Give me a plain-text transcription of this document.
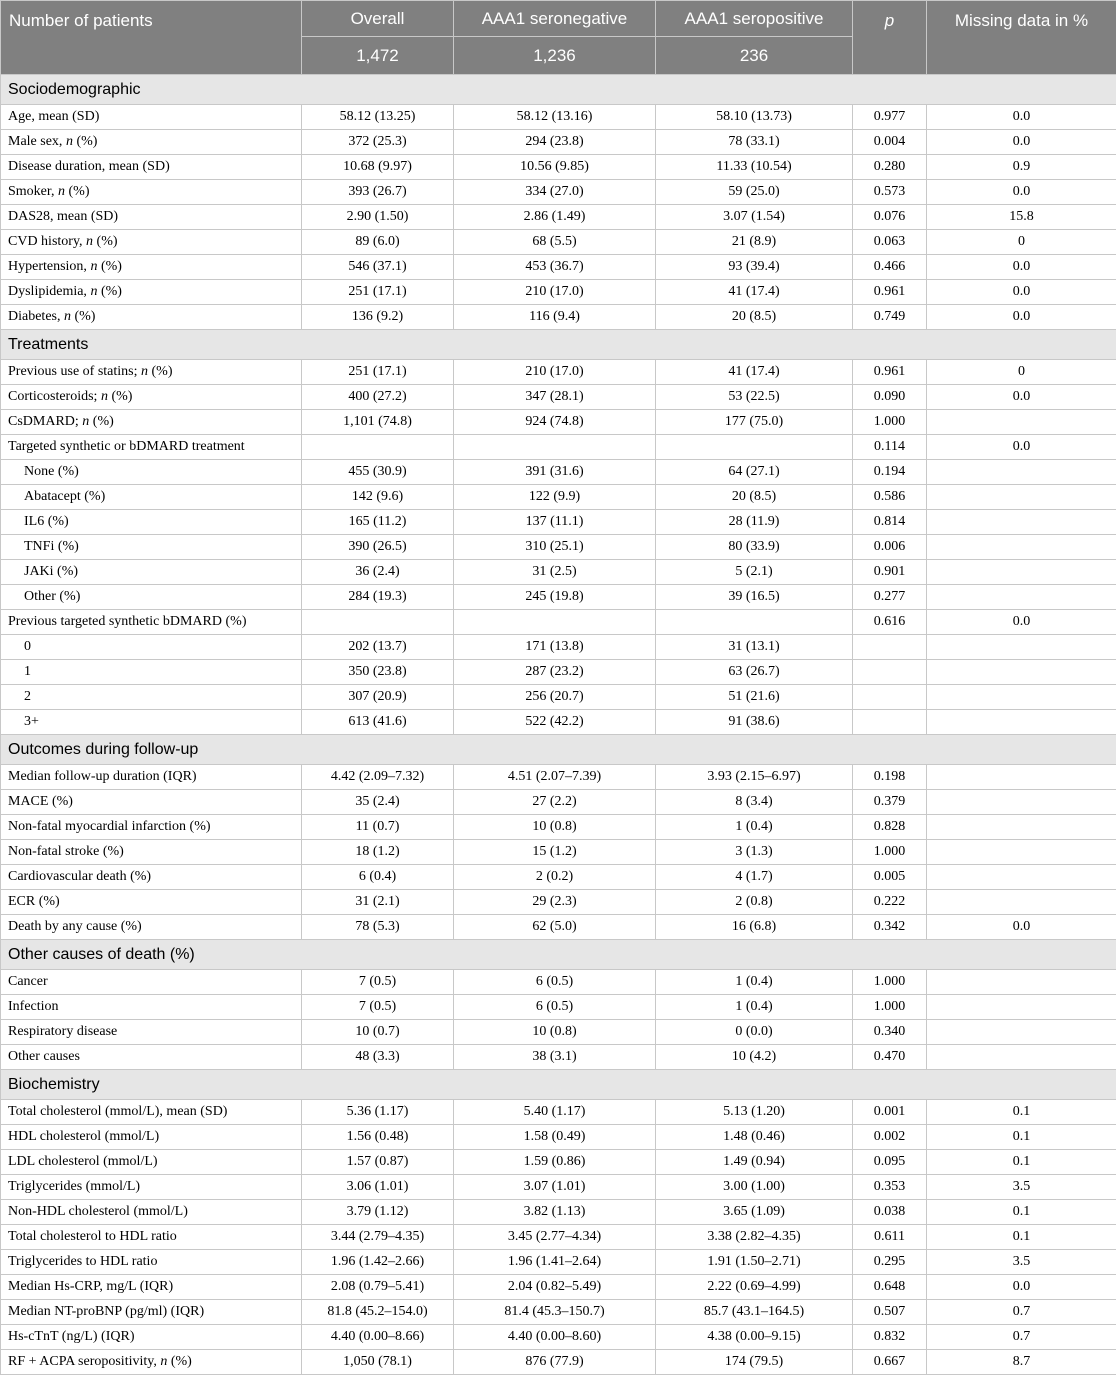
Number of patients	Overall	AAA1 seronegative	AAA1 seropositive	p	Missing data in %
	1,472	1,236	236		
Sociodemographic					
Age, mean (SD)	58.12 (13.25)	58.12 (13.16)	58.10 (13.73)	0.977	0.0
Male sex, n (%)	372 (25.3)	294 (23.8)	78 (33.1)	0.004	0.0
Disease duration, mean (SD)	10.68 (9.97)	10.56 (9.85)	11.33 (10.54)	0.280	0.9
Smoker, n (%)	393 (26.7)	334 (27.0)	59 (25.0)	0.573	0.0
DAS28, mean (SD)	2.90 (1.50)	2.86 (1.49)	3.07 (1.54)	0.076	15.8
CVD history, n (%)	89 (6.0)	68 (5.5)	21 (8.9)	0.063	0
Hypertension, n (%)	546 (37.1)	453 (36.7)	93 (39.4)	0.466	0.0
Dyslipidemia, n (%)	251 (17.1)	210 (17.0)	41 (17.4)	0.961	0.0
Diabetes, n (%)	136 (9.2)	116 (9.4)	20 (8.5)	0.749	0.0
Treatments					
Previous use of statins; n (%)	251 (17.1)	210 (17.0)	41 (17.4)	0.961	0
Corticosteroids; n (%)	400 (27.2)	347 (28.1)	53 (22.5)	0.090	0.0
CsDMARD; n (%)	1,101 (74.8)	924 (74.8)	177 (75.0)	1.000	
Targeted synthetic or bDMARD treatment				0.114	0.0
None (%)	455 (30.9)	391 (31.6)	64 (27.1)	0.194	
Abatacept (%)	142 (9.6)	122 (9.9)	20 (8.5)	0.586	
IL6 (%)	165 (11.2)	137 (11.1)	28 (11.9)	0.814	
TNFi (%)	390 (26.5)	310 (25.1)	80 (33.9)	0.006	
JAKi (%)	36 (2.4)	31 (2.5)	5 (2.1)	0.901	
Other (%)	284 (19.3)	245 (19.8)	39 (16.5)	0.277	
Previous targeted synthetic bDMARD (%)				0.616	0.0
0	202 (13.7)	171 (13.8)	31 (13.1)		
1	350 (23.8)	287 (23.2)	63 (26.7)		
2	307 (20.9)	256 (20.7)	51 (21.6)		
3+	613 (41.6)	522 (42.2)	91 (38.6)		
Outcomes during follow-up					
Median follow-up duration (IQR)	4.42 (2.09–7.32)	4.51 (2.07–7.39)	3.93 (2.15–6.97)	0.198	
MACE (%)	35 (2.4)	27 (2.2)	8 (3.4)	0.379	
Non-fatal myocardial infarction (%)	11 (0.7)	10 (0.8)	1 (0.4)	0.828	
Non-fatal stroke (%)	18 (1.2)	15 (1.2)	3 (1.3)	1.000	
Cardiovascular death (%)	6 (0.4)	2 (0.2)	4 (1.7)	0.005	
ECR (%)	31 (2.1)	29 (2.3)	2 (0.8)	0.222	
Death by any cause (%)	78 (5.3)	62 (5.0)	16 (6.8)	0.342	0.0
Other causes of death (%)					
Cancer	7 (0.5)	6 (0.5)	1 (0.4)	1.000	
Infection	7 (0.5)	6 (0.5)	1 (0.4)	1.000	
Respiratory disease	10 (0.7)	10 (0.8)	0 (0.0)	0.340	
Other causes	48 (3.3)	38 (3.1)	10 (4.2)	0.470	
Biochemistry					
Total cholesterol (mmol/L), mean (SD)	5.36 (1.17)	5.40 (1.17)	5.13 (1.20)	0.001	0.1
HDL cholesterol (mmol/L)	1.56 (0.48)	1.58 (0.49)	1.48 (0.46)	0.002	0.1
LDL cholesterol (mmol/L)	1.57 (0.87)	1.59 (0.86)	1.49 (0.94)	0.095	0.1
Triglycerides (mmol/L)	3.06 (1.01)	3.07 (1.01)	3.00 (1.00)	0.353	3.5
Non-HDL cholesterol (mmol/L)	3.79 (1.12)	3.82 (1.13)	3.65 (1.09)	0.038	0.1
Total cholesterol to HDL ratio	3.44 (2.79–4.35)	3.45 (2.77–4.34)	3.38 (2.82–4.35)	0.611	0.1
Triglycerides to HDL ratio	1.96 (1.42–2.66)	1.96 (1.41–2.64)	1.91 (1.50–2.71)	0.295	3.5
Median Hs-CRP, mg/L (IQR)	2.08 (0.79–5.41)	2.04 (0.82–5.49)	2.22 (0.69–4.99)	0.648	0.0
Median NT-proBNP (pg/ml) (IQR)	81.8 (45.2–154.0)	81.4 (45.3–150.7)	85.7 (43.1–164.5)	0.507	0.7
Hs-cTnT (ng/L) (IQR)	4.40 (0.00–8.66)	4.40 (0.00–8.60)	4.38 (0.00–9.15)	0.832	0.7
RF + ACPA seropositivity, n (%)	1,050 (78.1)	876 (77.9)	174 (79.5)	0.667	8.7
